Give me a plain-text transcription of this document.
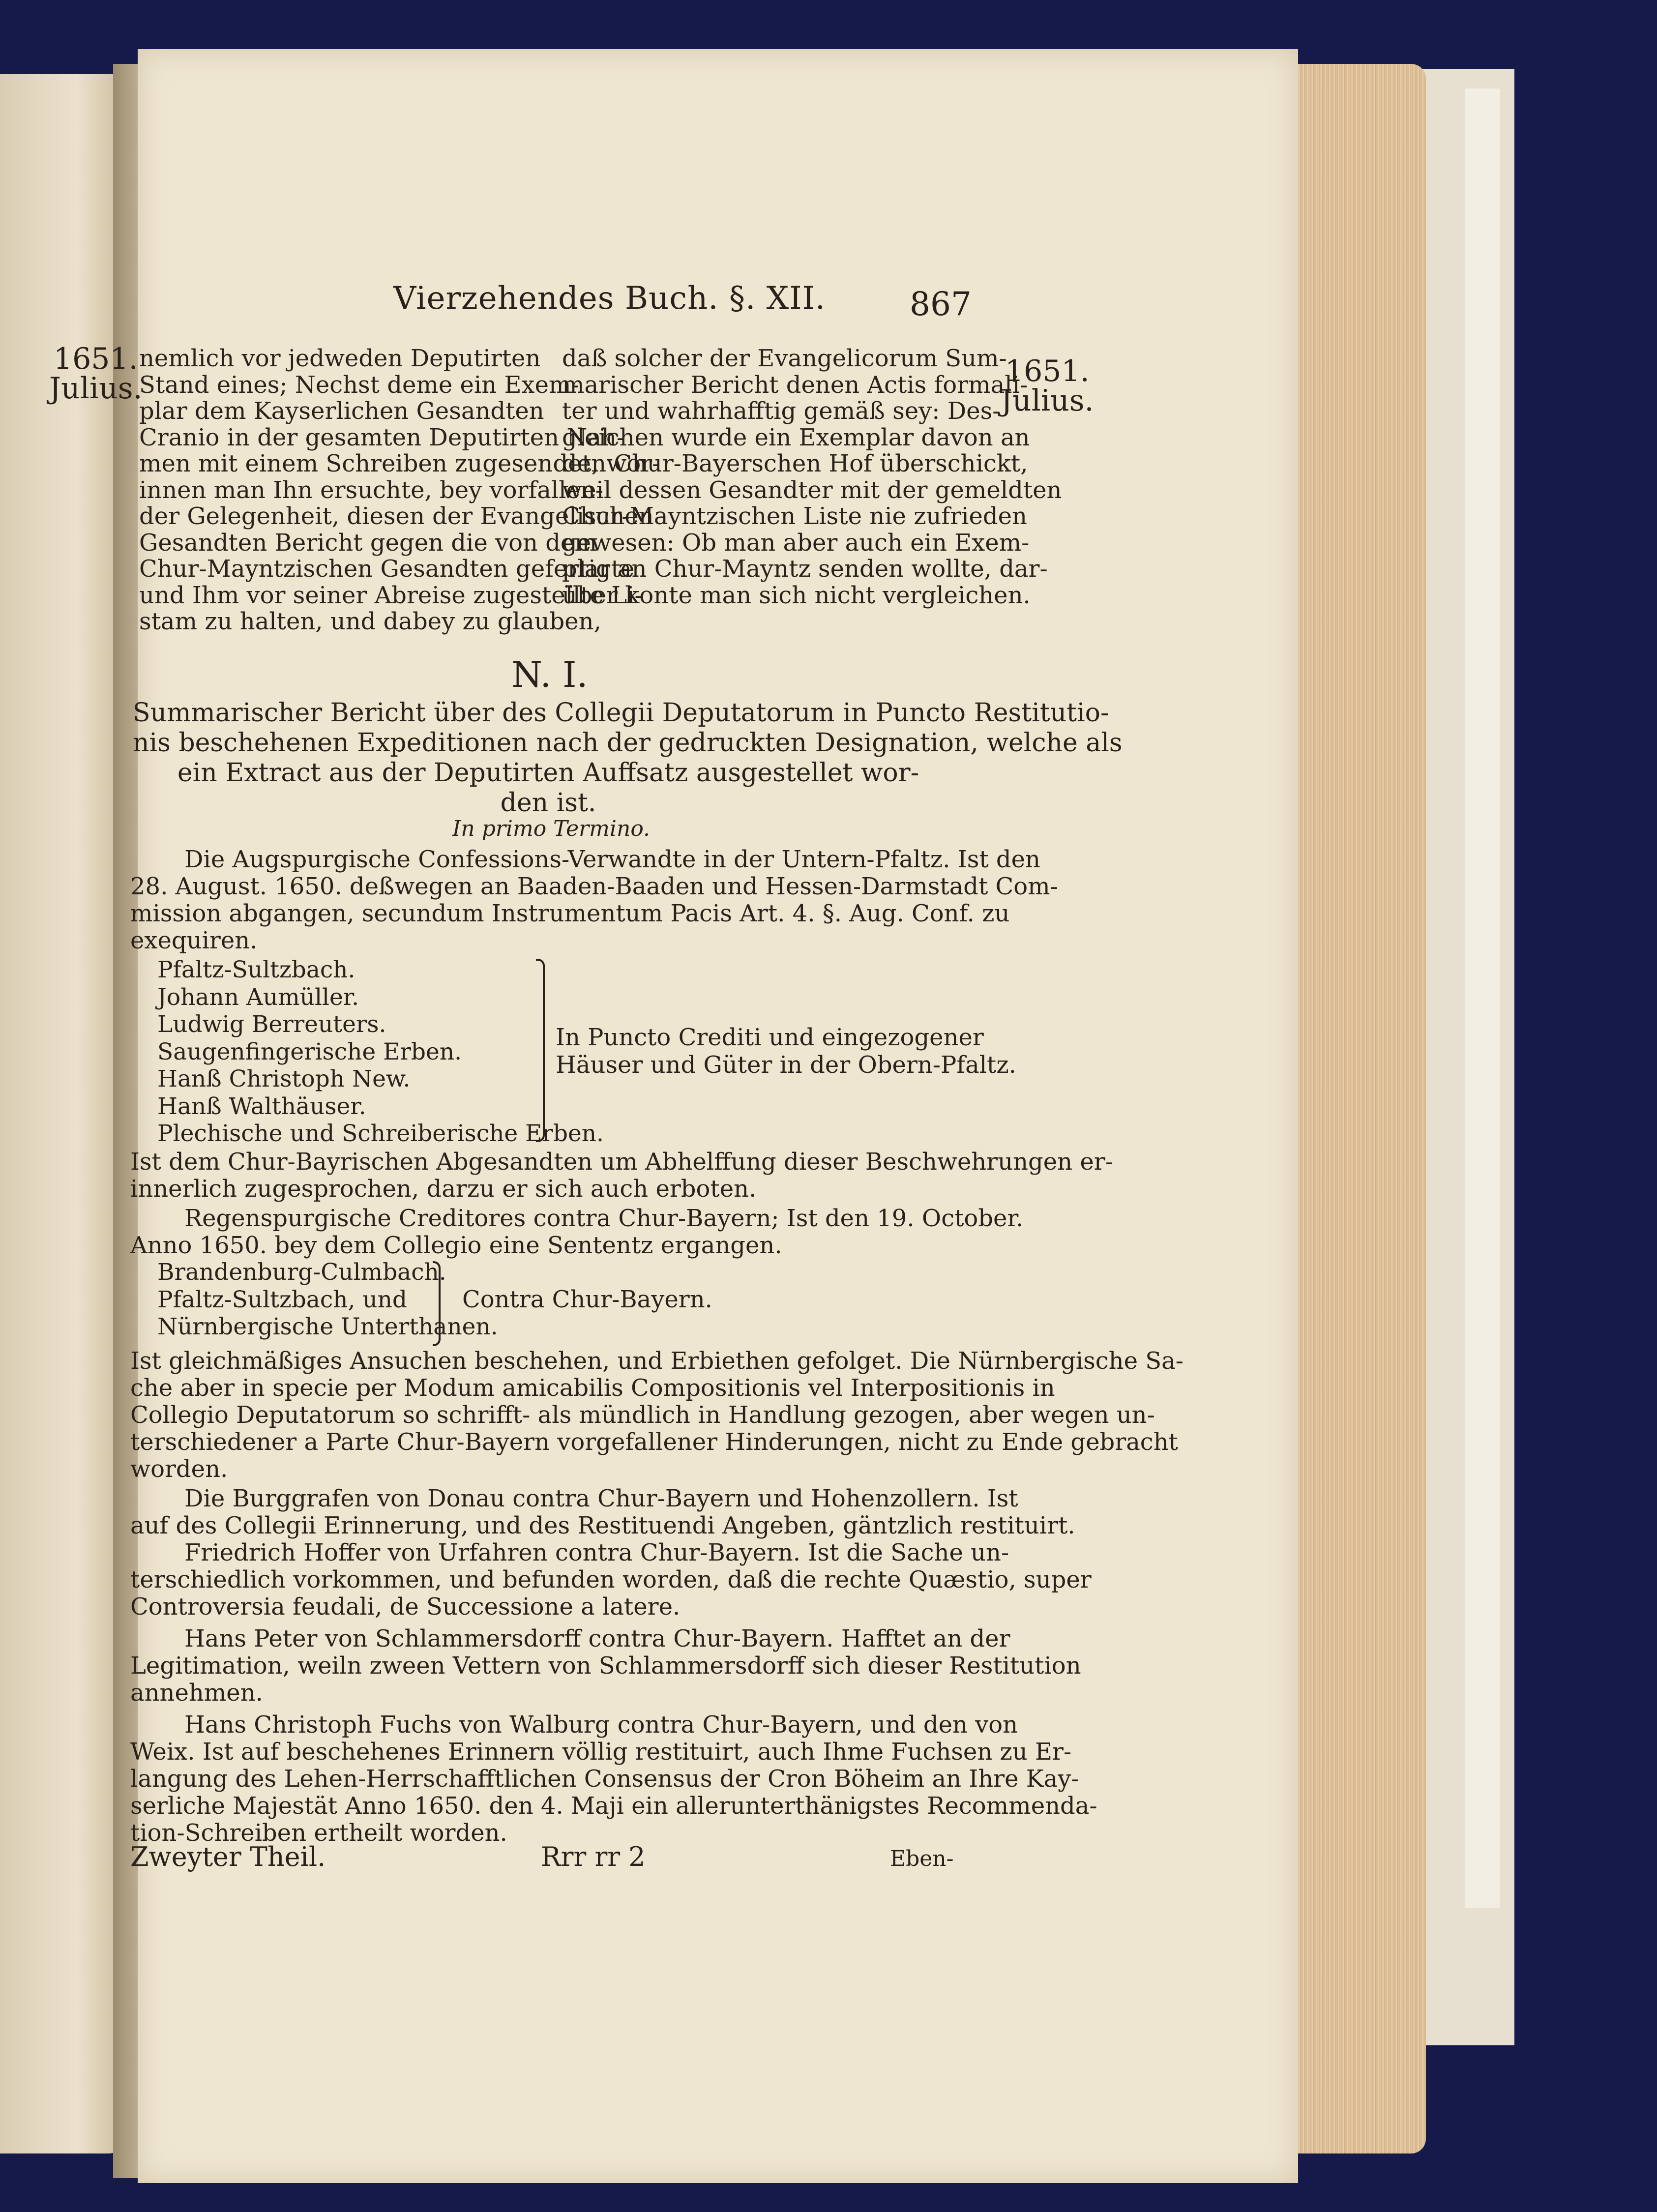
Vierzehendes Buch. §. XII.	867
1651.
Julius.	1651.
Julius.
nemlich vor jedweden Deputirten
Stand eines; Nechst deme ein Exem-
plar dem Kayserlichen Gesandten
Cranio in der gesamten Deputirten Nah-
men mit einem Schreiben zugesendet, wor-
innen man Ihn ersuchte, bey vorfallen-
der Gelegenheit, diesen der Evangelischen
Gesandten Bericht gegen die von dem
Chur-Mayntzischen Gesandten gefertigte
und Ihm vor seiner Abreise zugestellte Li-
stam zu halten, und dabey zu glauben,
daß solcher der Evangelicorum Sum-
marischer Bericht denen Actis formali-
ter und wahrhafftig gemäß sey: Des-
gleichen wurde ein Exemplar davon an
den Chur-Bayerschen Hof überschickt,
weil dessen Gesandter mit der gemeldten
Chur-Mayntzischen Liste nie zufrieden
gewesen: Ob man aber auch ein Exem-
plar an Chur-Mayntz senden wollte, dar-
über konte man sich nicht vergleichen.
N. I.
Summarischer Bericht über des Collegii Deputatorum in Puncto Restitutio-
nis beschehenen Expeditionen nach der gedruckten Designation, welche als
ein Extract aus der Deputirten Auffsatz ausgestellet wor-
den ist.
In primo Termino.
Die Augspurgische Confessions-Verwandte in der Untern-Pfaltz. Ist den
28. August. 1650. deßwegen an Baaden-Baaden und Hessen-Darmstadt Com-
mission abgangen, secundum Instrumentum Pacis Art. 4. §. Aug. Conf. zu
exequiren.
Pfaltz-Sultzbach.
Johann Aumüller.
Ludwig Berreuters.
Saugenfingerische Erben.
Hanß Christoph New.
Hanß Walthäuser.
Plechische und Schreiberische Erben.
In Puncto Crediti und eingezogener
Häuser und Güter in der Obern-Pfaltz.
Ist dem Chur-Bayrischen Abgesandten um Abhelffung dieser Beschwehrungen er-
innerlich zugesprochen, darzu er sich auch erboten.
Regenspurgische Creditores contra Chur-Bayern; Ist den 19. October.
Anno 1650. bey dem Collegio eine Sententz ergangen.
Brandenburg-Culmbach.
Pfaltz-Sultzbach, und
Nürnbergische Unterthanen.
Contra Chur-Bayern.
Ist gleichmäßiges Ansuchen beschehen, und Erbiethen gefolget. Die Nürnbergische Sa-
che aber in specie per Modum amicabilis Compositionis vel Interpositionis in
Collegio Deputatorum so schrifft- als mündlich in Handlung gezogen, aber wegen un-
terschiedener a Parte Chur-Bayern vorgefallener Hinderungen, nicht zu Ende gebracht
worden.
Die Burggrafen von Donau contra Chur-Bayern und Hohenzollern. Ist
auf des Collegii Erinnerung, und des Restituendi Angeben, gäntzlich restituirt.
Friedrich Hoffer von Urfahren contra Chur-Bayern. Ist die Sache un-
terschiedlich vorkommen, und befunden worden, daß die rechte Quæstio, super
Controversia feudali, de Successione a latere.
Hans Peter von Schlammersdorff contra Chur-Bayern. Hafftet an der
Legitimation, weiln zween Vettern von Schlammersdorff sich dieser Restitution
annehmen.
Hans Christoph Fuchs von Walburg contra Chur-Bayern, und den von
Weix. Ist auf beschehenes Erinnern völlig restituirt, auch Ihme Fuchsen zu Er-
langung des Lehen-Herrschafftlichen Consensus der Cron Böheim an Ihre Kay-
serliche Majestät Anno 1650. den 4. Maji ein allerunterthänigstes Recommenda-
tion-Schreiben ertheilt worden.
Zweyter Theil.	Rrr rr 2	Eben-
